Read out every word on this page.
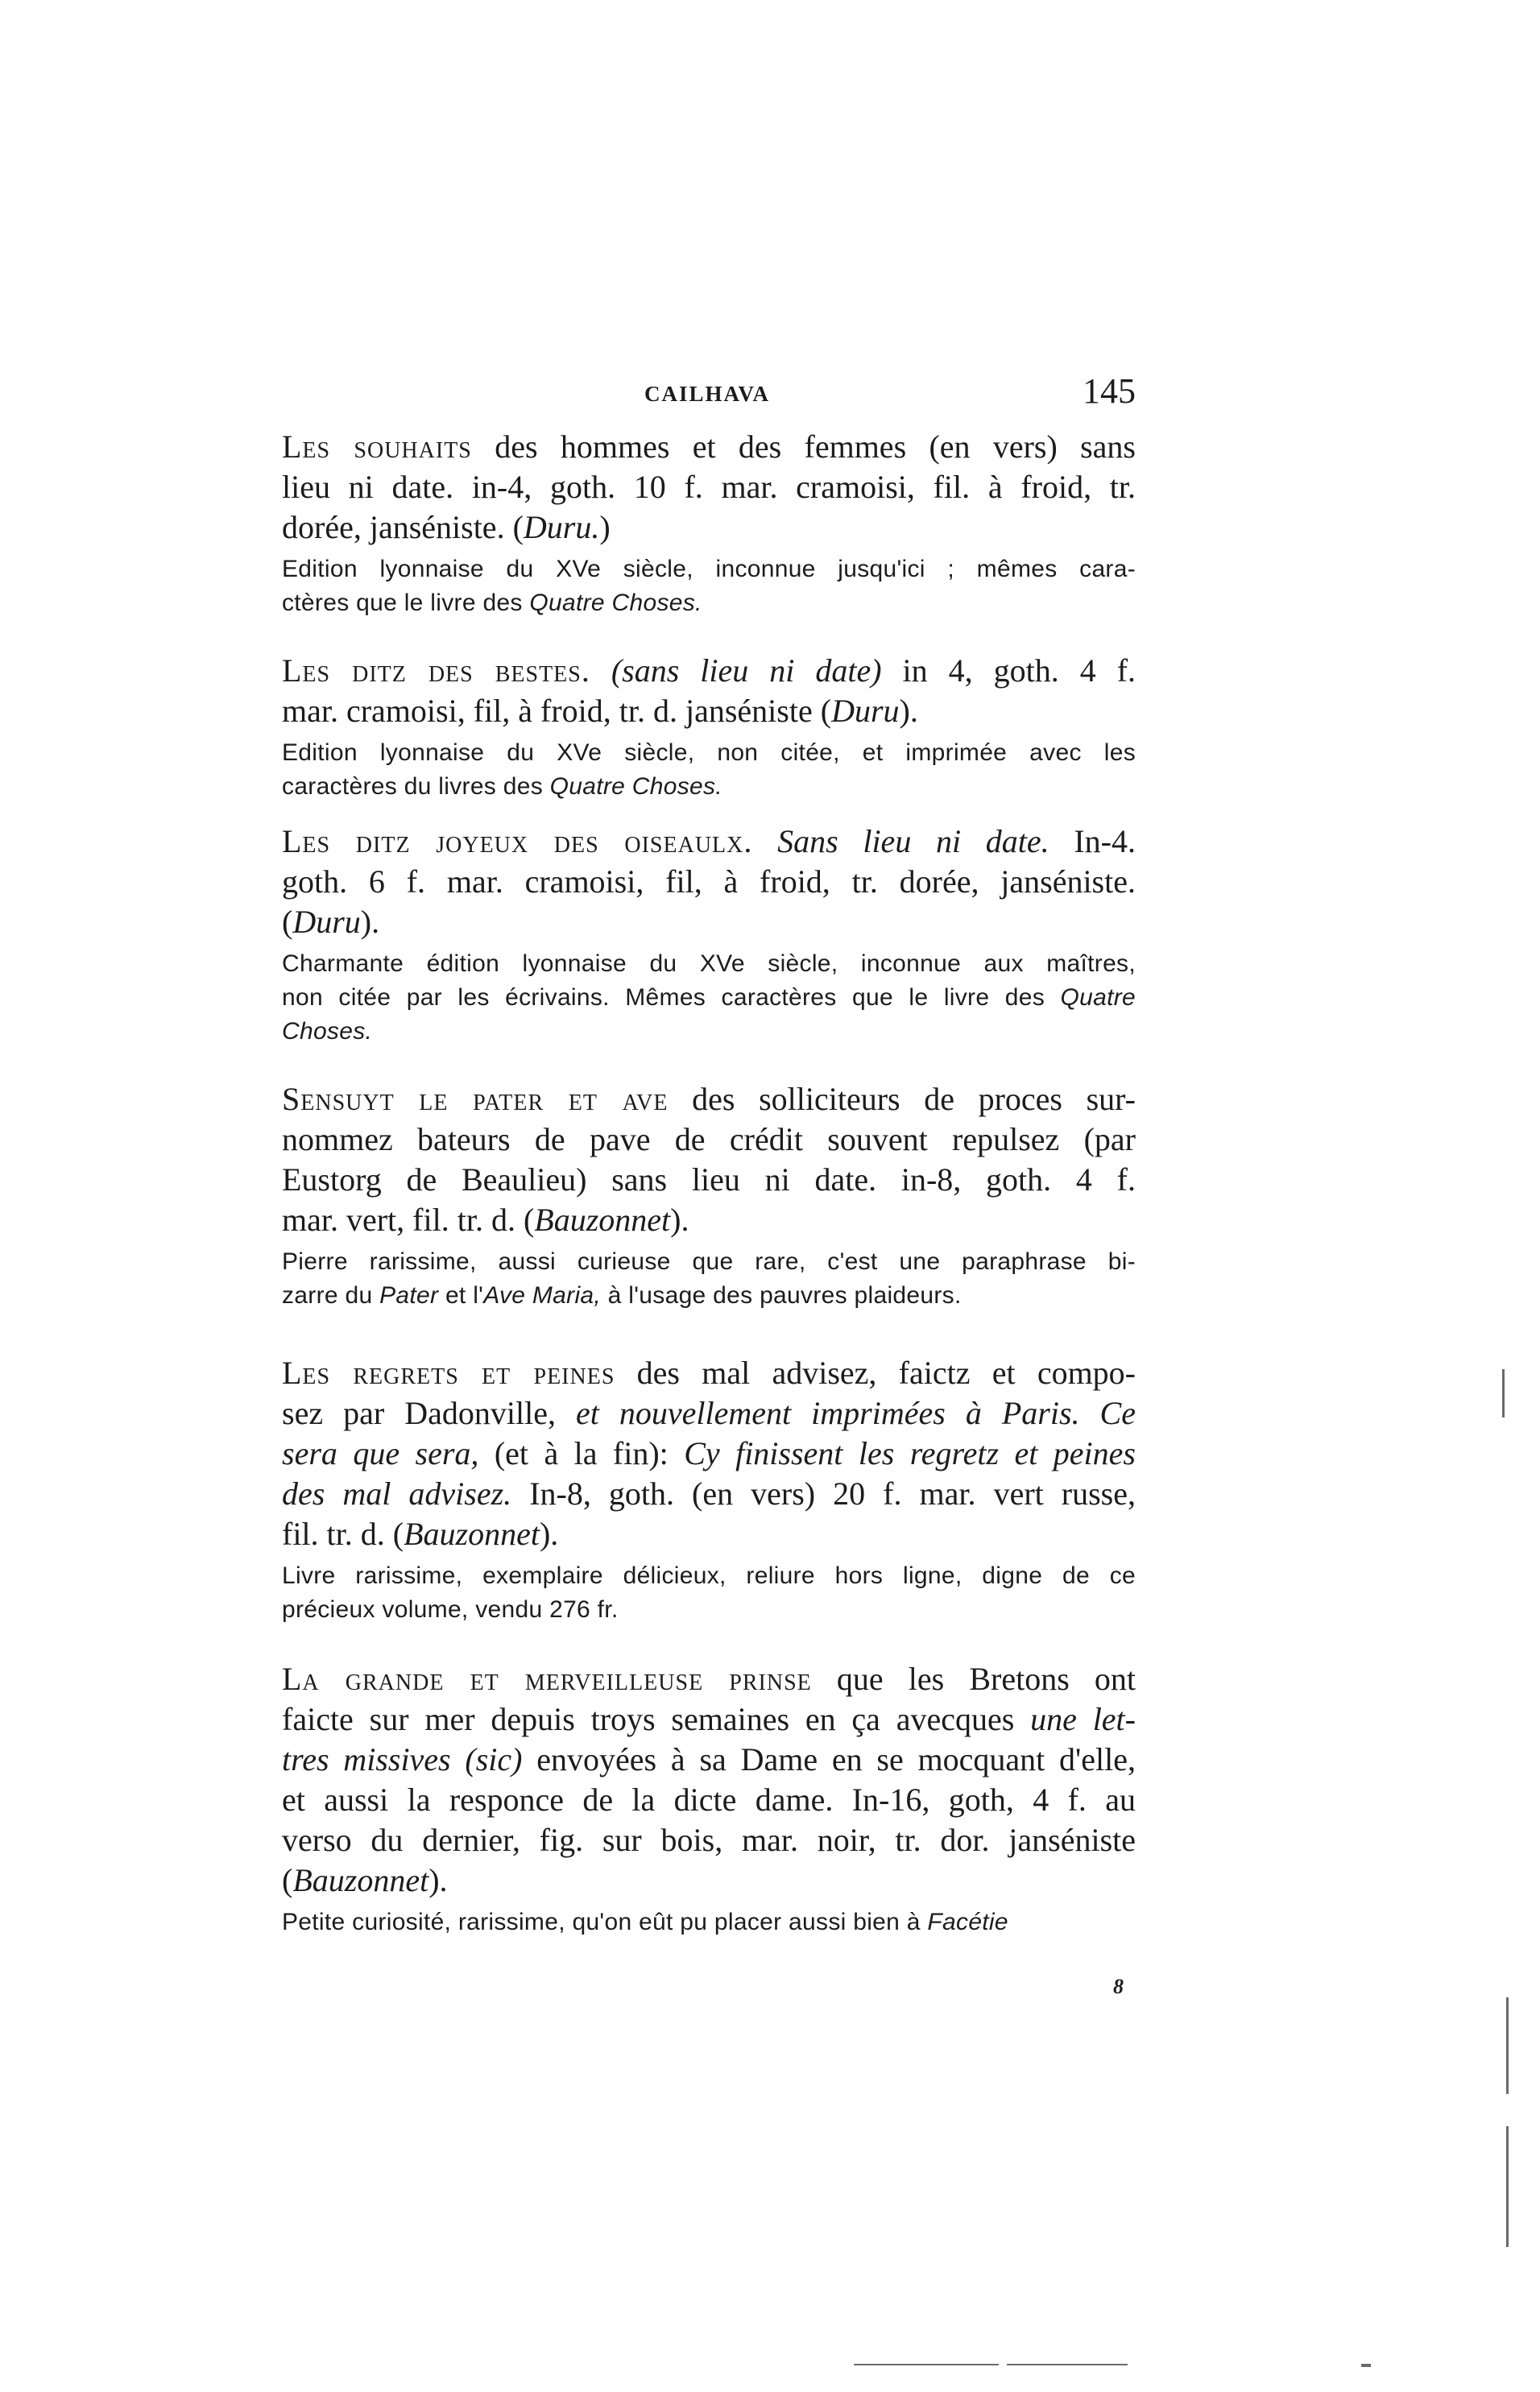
CAILHAVA	145
Les souhaits des hommes et des femmes (en vers) sans
lieu ni date. in-4, goth. 10 f. mar. cramoisi, fil. à froid, tr.
dorée, janséniste. (Duru.)
Edition lyonnaise du XVe siècle, inconnue jusqu'ici ; mêmes cara-
ctères que le livre des Quatre Choses.
Les ditz des bestes. (sans lieu ni date) in 4, goth. 4 f.
mar. cramoisi, fil, à froid, tr. d. janséniste (Duru).
Edition lyonnaise du XVe siècle, non citée, et imprimée avec les
caractères du livres des Quatre Choses.
Les ditz joyeux des oiseaulx. Sans lieu ni date. In-4.
goth. 6 f. mar. cramoisi, fil, à froid, tr. dorée, janséniste.
(Duru).
Charmante édition lyonnaise du XVe siècle, inconnue aux maîtres,
non citée par les écrivains. Mêmes caractères que le livre des Quatre
Choses.
Sensuyt le pater et ave des solliciteurs de proces sur-
nommez bateurs de pave de crédit souvent repulsez (par
Eustorg de Beaulieu) sans lieu ni date. in-8, goth. 4 f.
mar. vert, fil. tr. d. (Bauzonnet).
Pierre rarissime, aussi curieuse que rare, c'est une paraphrase bi-
zarre du Pater et l'Ave Maria, à l'usage des pauvres plaideurs.
Les regrets et peines des mal advisez, faictz et compo-
sez par Dadonville, et nouvellement imprimées à Paris. Ce
sera que sera, (et à la fin): Cy finissent les regretz et peines
des mal advisez. In-8, goth. (en vers) 20 f. mar. vert russe,
fil. tr. d. (Bauzonnet).
Livre rarissime, exemplaire délicieux, reliure hors ligne, digne de ce
précieux volume, vendu 276 fr.
La grande et merveilleuse prinse que les Bretons ont
faicte sur mer depuis troys semaines en ça avecques une let-
tres missives (sic) envoyées à sa Dame en se mocquant d'elle,
et aussi la responce de la dicte dame. In-16, goth, 4 f. au
verso du dernier, fig. sur bois, mar. noir, tr. dor. janséniste
(Bauzonnet).
Petite curiosité, rarissime, qu'on eût pu placer aussi bien à Facétie
8
